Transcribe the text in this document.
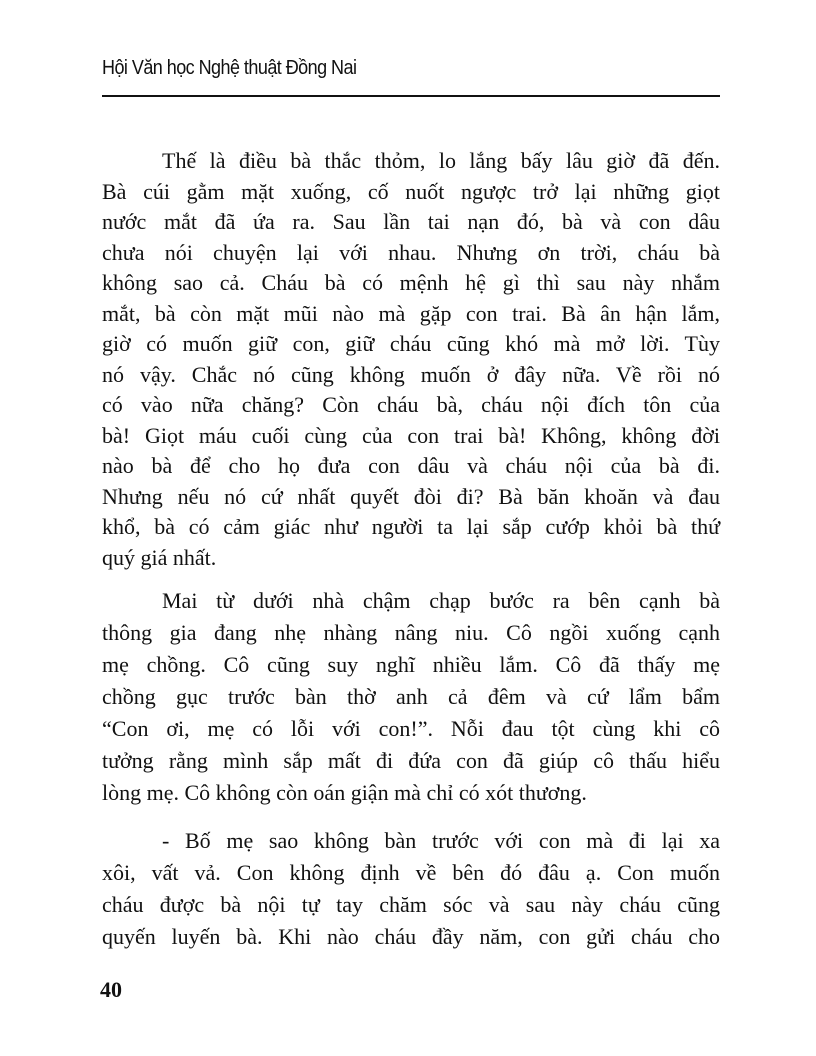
Hội Văn học Nghệ thuật Đồng Nai
Thế là điều bà thắc thỏm, lo lắng bấy lâu giờ đã đến.
Bà cúi gằm mặt xuống, cố nuốt ngược trở lại những giọt
nước mắt đã ứa ra. Sau lần tai nạn đó, bà và con dâu
chưa nói chuyện lại với nhau. Nhưng ơn trời, cháu bà
không sao cả. Cháu bà có mệnh hệ gì thì sau này nhắm
mắt, bà còn mặt mũi nào mà gặp con trai. Bà ân hận lắm,
giờ có muốn giữ con, giữ cháu cũng khó mà mở lời. Tùy
nó vậy. Chắc nó cũng không muốn ở đây nữa. Về rồi nó
có vào nữa chăng? Còn cháu bà, cháu nội đích tôn của
bà! Giọt máu cuối cùng của con trai bà! Không, không đời
nào bà để cho họ đưa con dâu và cháu nội của bà đi.
Nhưng nếu nó cứ nhất quyết đòi đi? Bà băn khoăn và đau
khổ, bà có cảm giác như người ta lại sắp cướp khỏi bà thứ
quý giá nhất.
Mai từ dưới nhà chậm chạp bước ra bên cạnh bà
thông gia đang nhẹ nhàng nâng niu. Cô ngồi xuống cạnh
mẹ chồng. Cô cũng suy nghĩ nhiều lắm. Cô đã thấy mẹ
chồng gục trước bàn thờ anh cả đêm và cứ lẩm bẩm
“Con ơi, mẹ có lỗi với con!”. Nỗi đau tột cùng khi cô
tưởng rằng mình sắp mất đi đứa con đã giúp cô thấu hiểu
lòng mẹ. Cô không còn oán giận mà chỉ có xót thương.
- Bố mẹ sao không bàn trước với con mà đi lại xa
xôi, vất vả. Con không định về bên đó đâu ạ. Con muốn
cháu được bà nội tự tay chăm sóc và sau này cháu cũng
quyến luyến bà. Khi nào cháu đầy năm, con gửi cháu cho
40
